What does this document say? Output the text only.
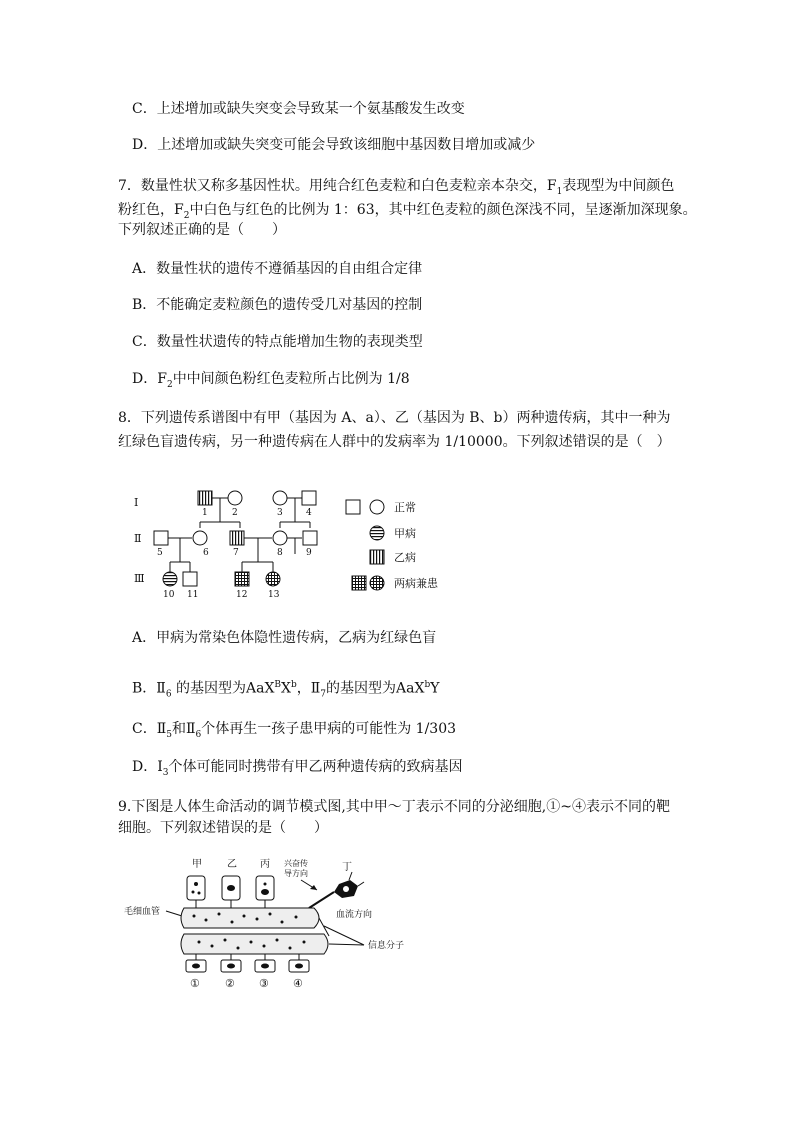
C．上述增加或缺失突变会导致某一个氨基酸发生改变
D．上述增加或缺失突变可能会导致该细胞中基因数目增加或减少
7．数量性状又称多基因性状。用纯合红色麦粒和白色麦粒亲本杂交，$F_1$表现型为中间颜色
粉红色，$F_2$中白色与红色的比例为 1：63，其中红色麦粒的颜色深浅不同，呈逐渐加深现象。
下列叙述正确的是（　　）
A．数量性状的遗传不遵循基因的自由组合定律
B．不能确定麦粒颜色的遗传受几对基因的控制
C．数量性状遗传的特点能增加生物的表现类型
D．$F_2$中中间颜色粉红色麦粒所占比例为 1/8
8．下列遗传系谱图中有甲（基因为 A、a）、乙（基因为 B、b）两种遗传病，其中一种为
红绿色盲遗传病，另一种遗传病在人群中的发病率为 1/10000。下列叙述错误的是（　）
Ⅰ
Ⅱ
Ⅲ
1	2	3	4
5	6	7	8	9
10 11	12 13
正常
甲病
乙病
两病兼患
A．甲病为常染色体隐性遗传病，乙病为红绿色盲
B．$Ⅱ_6$ 的基因型为$AaX^BX^b$，$Ⅱ_7$的基因型为AaX$^b$Y
C．$Ⅱ_5$和$Ⅱ_6$个体再生一孩子患甲病的可能性为 1/303
D．$Ⅰ_3$个体可能同时携带有甲乙两种遗传病的致病基因
9.下图是人体生命活动的调节模式图,其中甲～丁表示不同的分泌细胞,①~④表示不同的靶
细胞。下列叙述错误的是（　　）
甲	乙 丙 兴奋传
导方向
丁
毛细血管	血流方向
信息分子
① ② ③ ④
